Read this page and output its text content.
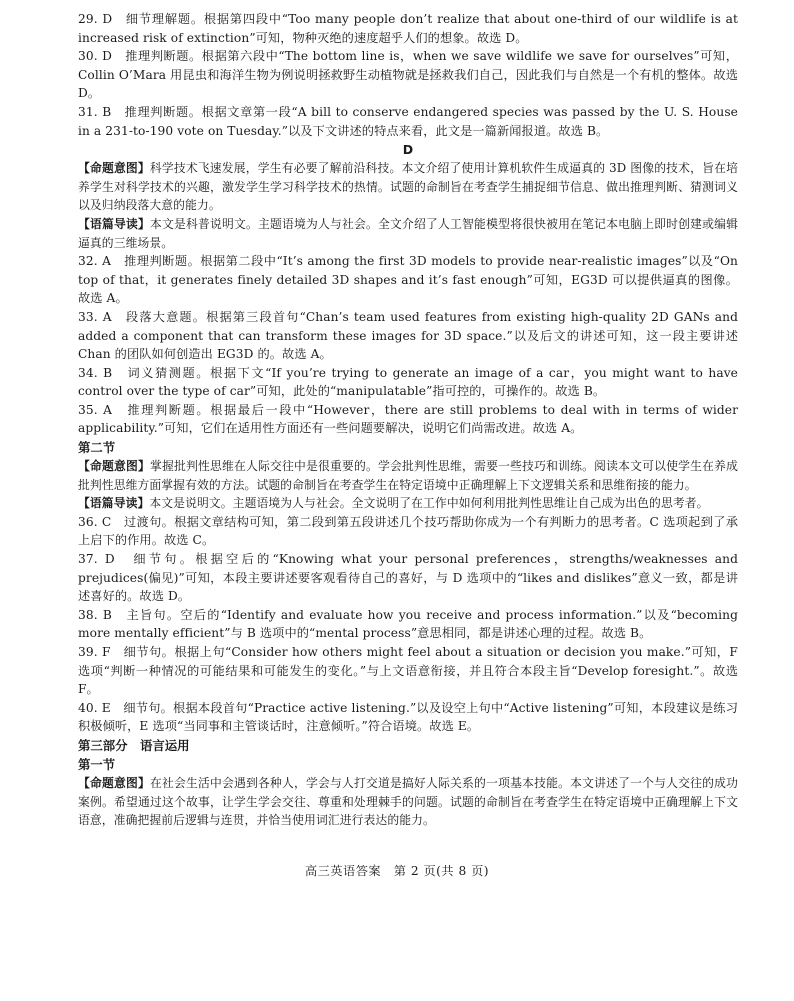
29. D　细节理解题。根据第四段中“Too many people don’t realize that about one-third of our wildlife is at increased risk of extinction”可知，物种灭绝的速度超乎人们的想象。故选 D。

30. D　推理判断题。根据第六段中“The bottom line is，when we save wildlife we save for ourselves”可知，Collin O’Mara 用昆虫和海洋生物为例说明拯救野生动植物就是拯救我们自己，因此我们与自然是一个有机的整体。故选 D。

31. B　推理判断题。根据文章第一段“A bill to conserve endangered species was passed by the U. S. House in a 231-to-190 vote on Tuesday.”以及下文讲述的特点来看，此文是一篇新闻报道。故选 B。

D

【命题意图】科学技术飞速发展，学生有必要了解前沿科技。本文介绍了使用计算机软件生成逼真的 3D 图像的技术，旨在培养学生对科学技术的兴趣，激发学生学习科学技术的热情。试题的命制旨在考查学生捕捉细节信息、做出推理判断、猜测词义以及归纳段落大意的能力。

【语篇导读】本文是科普说明文。主题语境为人与社会。全文介绍了人工智能模型将很快被用在笔记本电脑上即时创建或编辑逼真的三维场景。

32. A　推理判断题。根据第二段中“It’s among the first 3D models to provide near-realistic images”以及“On top of that，it generates finely detailed 3D shapes and it’s fast enough”可知，EG3D 可以提供逼真的图像。故选 A。

33. A　段落大意题。根据第三段首句“Chan’s team used features from existing high-quality 2D GANs and added a component that can transform these images for 3D space.”以及后文的讲述可知，这一段主要讲述 Chan 的团队如何创造出 EG3D 的。故选 A。

34. B　词义猜测题。根据下文“If you’re trying to generate an image of a car，you might want to have control over the type of car”可知，此处的“manipulatable”指可控的，可操作的。故选 B。

35. A　推理判断题。根据最后一段中“However，there are still problems to deal with in terms of wider applicability.”可知，它们在适用性方面还有一些问题要解决，说明它们尚需改进。故选 A。

第二节

【命题意图】掌握批判性思维在人际交往中是很重要的。学会批判性思维，需要一些技巧和训练。阅读本文可以使学生在养成批判性思维方面掌握有效的方法。试题的命制旨在考查学生在特定语境中正确理解上下文逻辑关系和思维衔接的能力。

【语篇导读】本文是说明文。主题语境为人与社会。全文说明了在工作中如何利用批判性思维让自己成为出色的思考者。

36. C　过渡句。根据文章结构可知，第二段到第五段讲述几个技巧帮助你成为一个有判断力的思考者。C 选项起到了承上启下的作用。故选 C。

37. D　细节句。根据空后的“Knowing what your personal preferences，strengths/weaknesses and prejudices(偏见)”可知，本段主要讲述要客观看待自己的喜好，与 D 选项中的“likes and dislikes”意义一致，都是讲述喜好的。故选 D。

38. B　主旨句。空后的“Identify and evaluate how you receive and process information.”以及“becoming more mentally efficient”与 B 选项中的“mental process”意思相同，都是讲述心理的过程。故选 B。

39. F　细节句。根据上句“Consider how others might feel about a situation or decision you make.”可知，F 选项“判断一种情况的可能结果和可能发生的变化。”与上文语意衔接，并且符合本段主旨“Develop foresight.”。故选 F。

40. E　细节句。根据本段首句“Practice active listening.”以及设空上句中“Active listening”可知，本段建议是练习积极倾听，E 选项“当同事和主管谈话时，注意倾听。”符合语境。故选 E。

第三部分　语言运用
第一节

【命题意图】在社会生活中会遇到各种人，学会与人打交道是搞好人际关系的一项基本技能。本文讲述了一个与人交往的成功案例。希望通过这个故事，让学生学会交往、尊重和处理棘手的问题。试题的命制旨在考查学生在特定语境中正确理解上下文语意，准确把握前后逻辑与连贯，并恰当使用词汇进行表达的能力。

高三英语答案　第 2 页(共 8 页)
